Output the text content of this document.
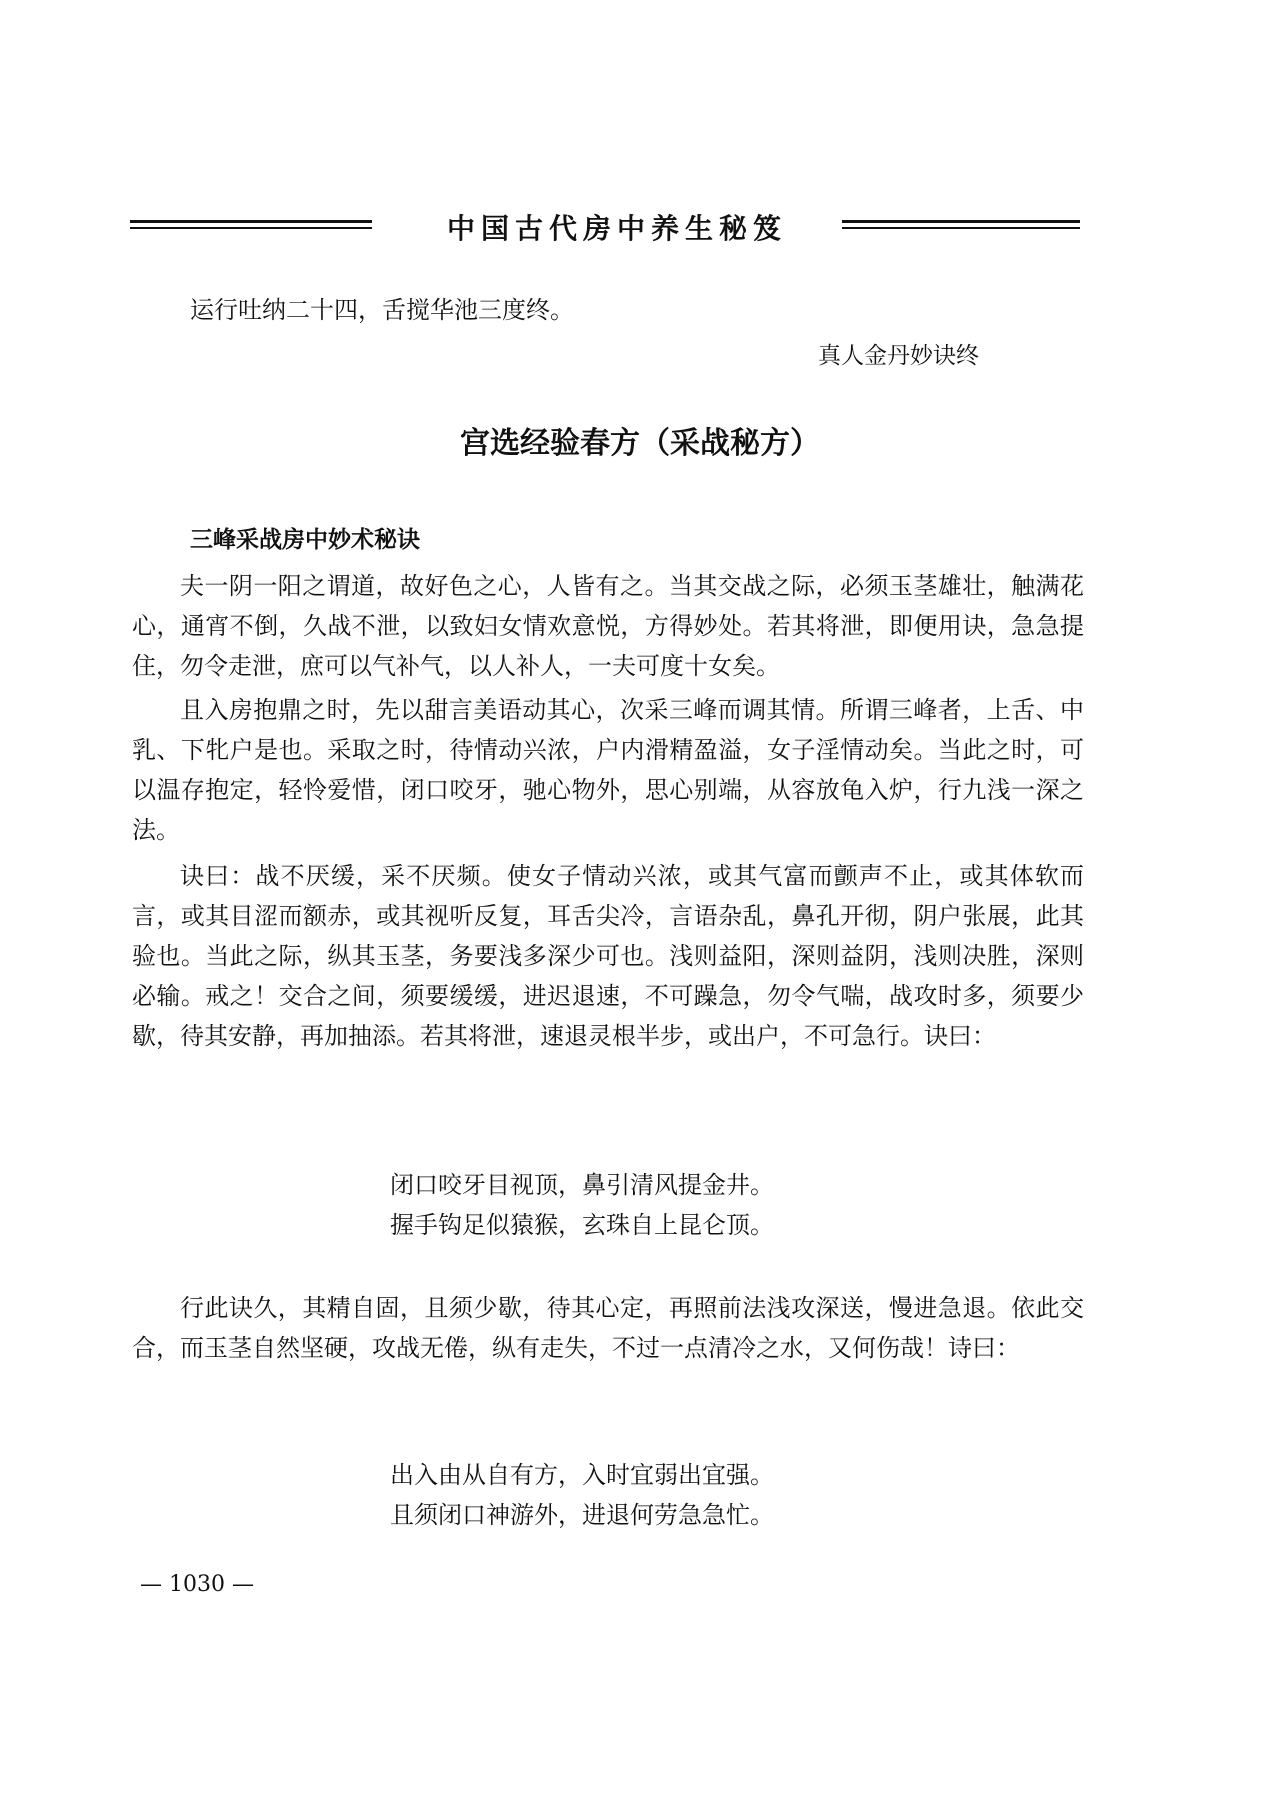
中国古代房中养生秘笈
运行吐纳二十四，舌搅华池三度终。
真人金丹妙诀终
宫选经验春方（采战秘方）
三峰采战房中妙术秘诀
夫一阴一阳之谓道，故好色之心，人皆有之。当其交战之际，必须玉茎雄壮，触满花心，通宵不倒，久战不泄，以致妇女情欢意悦，方得妙处。若其将泄，即便用诀，急急提住，勿令走泄，庶可以气补气，以人补人，一夫可度十女矣。
且入房抱鼎之时，先以甜言美语动其心，次采三峰而调其情。所谓三峰者，上舌、中乳、下牝户是也。采取之时，待情动兴浓，户内滑精盈溢，女子淫情动矣。当此之时，可以温存抱定，轻怜爱惜，闭口咬牙，驰心物外，思心别端，从容放龟入炉，行九浅一深之法。
诀曰：战不厌缓，采不厌频。使女子情动兴浓，或其气富而颤声不止，或其体软而言，或其目涩而额赤，或其视听反复，耳舌尖冷，言语杂乱，鼻孔开彻，阴户张展，此其验也。当此之际，纵其玉茎，务要浅多深少可也。浅则益阳，深则益阴，浅则决胜，深则必输。戒之！交合之间，须要缓缓，进迟退速，不可躁急，勿令气喘，战攻时多，须要少歇，待其安静，再加抽添。若其将泄，速退灵根半步，或出户，不可急行。诀曰：
闭口咬牙目视顶，鼻引清风提金井。
握手钩足似猿猴，玄珠自上昆仑顶。
行此诀久，其精自固，且须少歇，待其心定，再照前法浅攻深送，慢进急退。依此交合，而玉茎自然坚硬，攻战无倦，纵有走失，不过一点清冷之水，又何伤哉！诗曰：
出入由从自有方，入时宜弱出宜强。
且须闭口神游外，进退何劳急急忙。
— 1030 —
